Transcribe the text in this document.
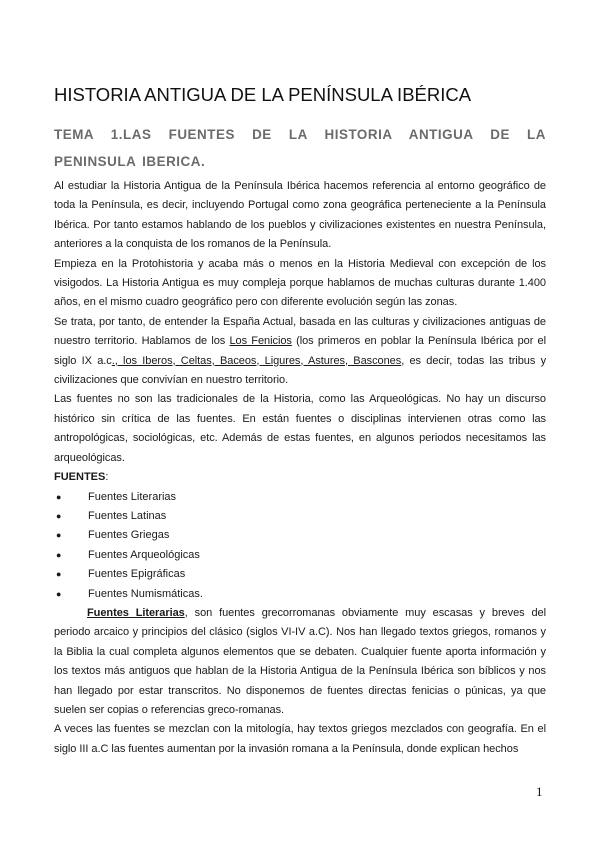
HISTORIA ANTIGUA DE LA PENÍNSULA IBÉRICA
TEMA 1.LAS FUENTES DE LA HISTORIA ANTIGUA DE LA PENINSULA IBERICA.

Al estudiar la Historia Antigua de la Península Ibérica hacemos referencia al entorno geográfico de toda la Península, es decir, incluyendo Portugal como zona geográfica perteneciente a la Península Ibérica. Por tanto estamos hablando de los pueblos y civilizaciones existentes en nuestra Península, anteriores a la conquista de los romanos de la Península.

Empieza en la Protohistoria y acaba más o menos en la Historia Medieval con excepción de los visigodos. La Historia Antigua es muy compleja porque hablamos de muchas culturas durante 1.400 años, en el mismo cuadro geográfico pero con diferente evolución según las zonas.

Se trata, por tanto, de entender la España Actual, basada en las culturas y civilizaciones antiguas de nuestro territorio. Hablamos de los Los Fenicios (los primeros en poblar la Península Ibérica por el siglo IX a.c., los Iberos, Celtas, Baceos, Ligures, Astures, Bascones, es decir, todas las tribus y civilizaciones que convivían en nuestro territorio.

Las fuentes no son las tradicionales de la Historia, como las Arqueológicas. No hay un discurso histórico sin crítica de las fuentes. En están fuentes o disciplinas intervienen otras como las antropológicas, sociológicas, etc. Además de estas fuentes, en algunos periodos necesitamos las arqueológicas.

FUENTES:

● Fuentes Literarias
● Fuentes Latinas
● Fuentes Griegas
● Fuentes Arqueológicas
● Fuentes Epigráficas
● Fuentes Numismáticas.

Fuentes Literarias, son fuentes grecorromanas obviamente muy escasas y breves del periodo arcaico y principios del clásico (siglos VI-IV a.C). Nos han llegado textos griegos, romanos y la Biblia la cual completa algunos elementos que se debaten. Cualquier fuente aporta información y los textos más antiguos que hablan de la Historia Antigua de la Península Ibérica son bíblicos y nos han llegado por estar transcritos. No disponemos de fuentes directas fenicias o púnicas, ya que suelen ser copias o referencias greco-romanas.

A veces las fuentes se mezclan con la mitología, hay textos griegos mezclados con geografía. En el siglo III a.C las fuentes aumentan por la invasión romana a la Península, donde explican hechos

1
